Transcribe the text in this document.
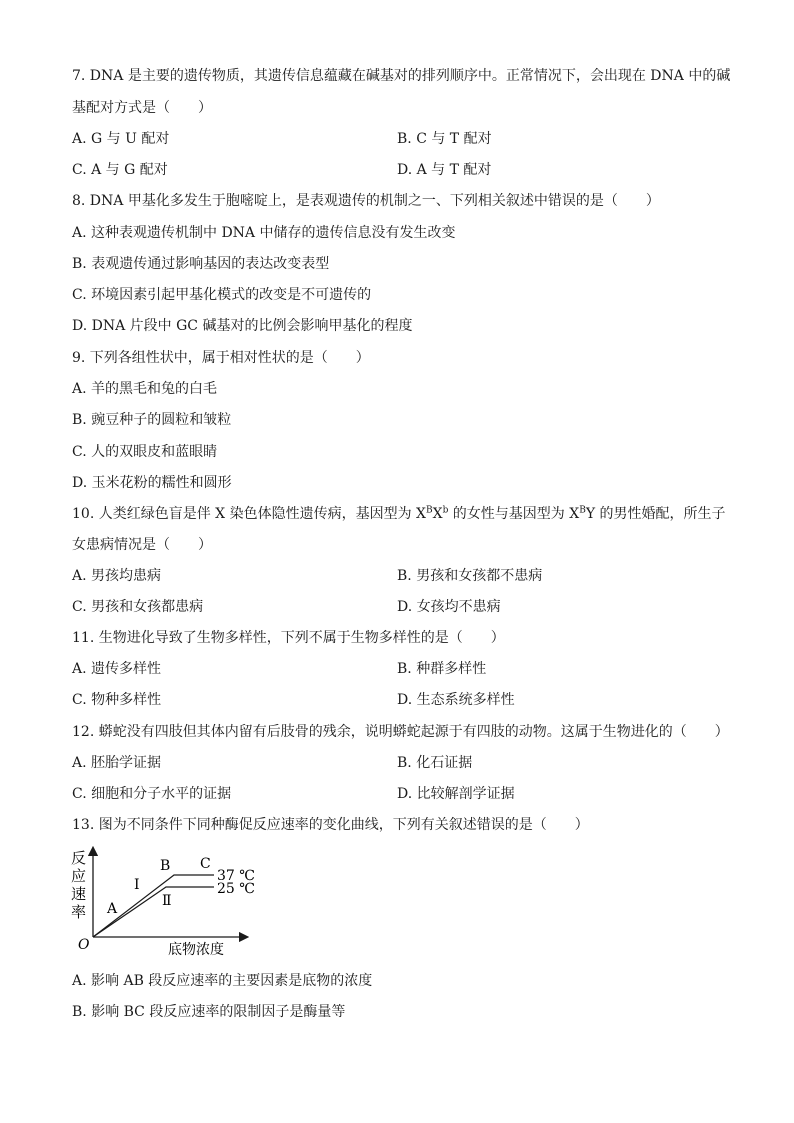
7. DNA 是主要的遗传物质，其遗传信息蕴藏在碱基对的排列顺序中。正常情况下，会出现在 DNA 中的碱
基配对方式是（　　）
A. G 与 U 配对	B. C 与 T 配对
C. A 与 G 配对	D. A 与 T 配对
8. DNA 甲基化多发生于胞嘧啶上，是表观遗传的机制之一、下列相关叙述中错误的是（　　）
A. 这种表观遗传机制中 DNA 中储存的遗传信息没有发生改变
B. 表观遗传通过影响基因的表达改变表型
C. 环境因素引起甲基化模式的改变是不可遗传的
D. DNA 片段中 GC 碱基对的比例会影响甲基化的程度
9. 下列各组性状中，属于相对性状的是（　　）
A. 羊的黑毛和兔的白毛
B. 豌豆种子的圆粒和皱粒
C. 人的双眼皮和蓝眼睛
D. 玉米花粉的糯性和圆形
10. 人类红绿色盲是伴 X 染色体隐性遗传病，基因型为 $X^BX^b$ 的女性与基因型为 $X^BY$ 的男性婚配，所生子
女患病情况是（　　）
A. 男孩均患病	B. 男孩和女孩都不患病
C. 男孩和女孩都患病	D. 女孩均不患病
11. 生物进化导致了生物多样性，下列不属于生物多样性的是（　　）
A. 遗传多样性	B. 种群多样性
C. 物种多样性	D. 生态系统多样性
12. 蟒蛇没有四肢但其体内留有后肢骨的残余，说明蟒蛇起源于有四肢的动物。这属于生物进化的（　　）
A. 胚胎学证据	B. 化石证据
C. 细胞和分子水平的证据	D. 比较解剖学证据
13. 图为不同条件下同种酶促反应速率的变化曲线，下列有关叙述错误的是（　　）
反
应
速
率
O	底物浓度
A
B C
Ⅰ
Ⅱ
37 ℃
25 ℃
A. 影响 AB 段反应速率的主要因素是底物的浓度
B. 影响 BC 段反应速率的限制因子是酶量等
